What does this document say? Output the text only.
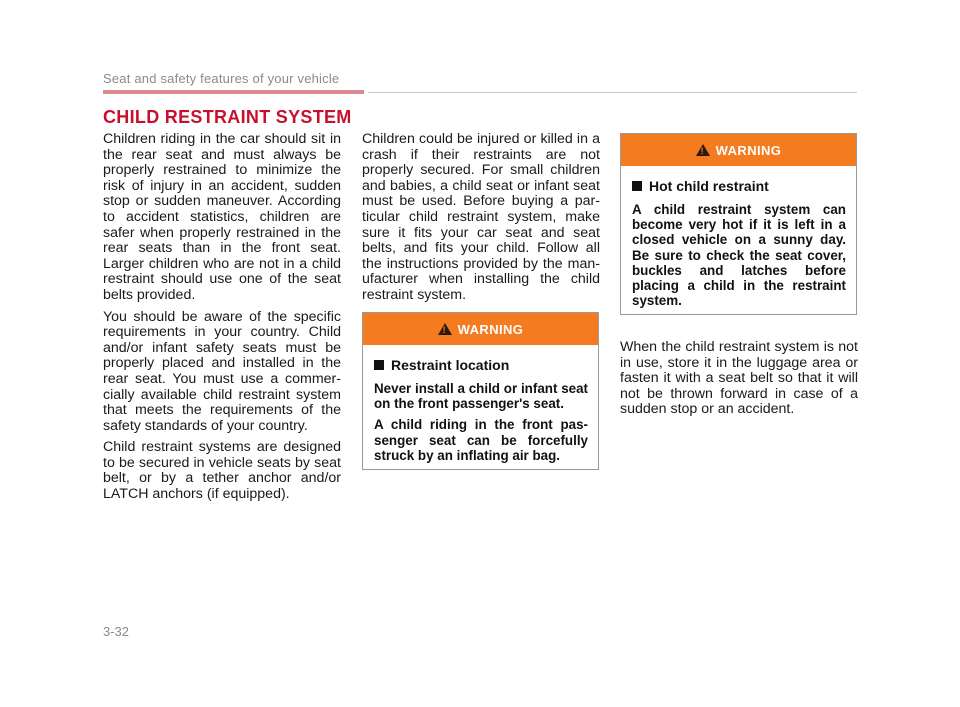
Seat and safety features of your vehicle
CHILD RESTRAINT SYSTEM

Children riding in the car should sit in the rear seat and must always be properly restrained to minimize the risk of injury in an accident, sudden stop or sudden maneuver. According to accident statistics, children are safer when properly restrained in the rear seats than in the front seat. Larger children who are not in a child restraint should use one of the seat belts provided.

You should be aware of the specific requirements in your country. Child and/or infant safety seats must be properly placed and installed in the rear seat. You must use a commercially available child restraint system that meets the requirements of the safety standards of your country.

Child restraint systems are designed to be secured in vehicle seats by seat belt, or by a tether anchor and/or LATCH anchors (if equipped).

Children could be injured or killed in a crash if their restraints are not properly secured. For small children and babies, a child seat or infant seat must be used. Before buying a particular child restraint system, make sure it fits your car seat and seat belts, and fits your child. Follow all the instructions provided by the manufacturer when installing the child restraint system.

!
WARNING
Restraint location

Never install a child or infant seat on the front passenger's seat.

A child riding in the front passenger seat can be forcefully struck by an inflating air bag.

!
WARNING
Hot child restraint

A child restraint system can become very hot if it is left in a closed vehicle on a sunny day. Be sure to check the seat cover, buckles and latches before placing a child in the restraint system.

When the child restraint system is not in use, store it in the luggage area or fasten it with a seat belt so that it will not be thrown forward in case of a sudden stop or an accident.

3-32
